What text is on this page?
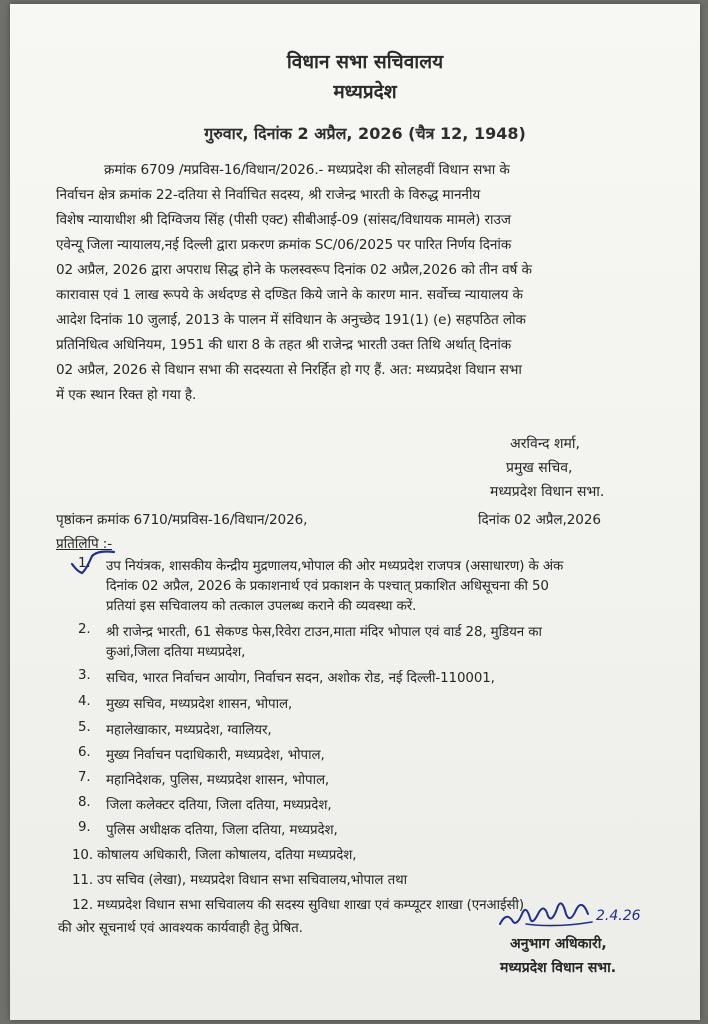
विधान सभा सचिवालय
मध्यप्रदेश
गुरुवार, दिनांक 2 अप्रैल, 2026 (चैत्र 12, 1948)
क्रमांक 6709 /मप्रविस-16/विधान/2026.- मध्यप्रदेश की सोलहवीं विधान सभा के
निर्वाचन क्षेत्र क्रमांक 22-दतिया से निर्वाचित सदस्य, श्री राजेन्द्र भारती के विरुद्ध माननीय
विशेष न्यायाधीश श्री दिग्विजय सिंह (पीसी एक्ट) सीबीआई-09 (सांसद/विधायक मामले) राउज
एवेन्यू जिला न्यायालय,नई दिल्ली द्वारा प्रकरण क्रमांक SC/06/2025 पर पारित निर्णय दिनांक
02 अप्रैल, 2026 द्वारा अपराध सिद्ध होने के फलस्वरूप दिनांक 02 अप्रैल,2026 को तीन वर्ष के
कारावास एवं 1 लाख रूपये के अर्थदण्ड से दण्डित किये जाने के कारण मान. सर्वोच्च न्यायालय के
आदेश दिनांक 10 जुलाई, 2013 के पालन में संविधान के अनुच्छेद 191(1) (e) सहपठित लोक
प्रतिनिधित्व अधिनियम, 1951 की धारा 8 के तहत श्री राजेन्द्र भारती उक्त तिथि अर्थात् दिनांक
02 अप्रैल, 2026 से विधान सभा की सदस्यता से निरर्हित हो गए हैं. अत: मध्यप्रदेश विधान सभा
में एक स्थान रिक्त हो गया है.
अरविन्द शर्मा,
प्रमुख सचिव,
मध्यप्रदेश विधान सभा.
पृष्ठांकन क्रमांक 6710/मप्रविस-16/विधान/2026,	दिनांक 02 अप्रैल,2026
प्रतिलिपि :-
1. उप नियंत्रक, शासकीय केन्द्रीय मुद्रणालय,भोपाल की ओर मध्यप्रदेश राजपत्र (असाधारण) के अंक
दिनांक 02 अप्रैल, 2026 के प्रकाशनार्थ एवं प्रकाशन के पश्चात् प्रकाशित अधिसूचना की 50
प्रतियां इस सचिवालय को तत्काल उपलब्ध कराने की व्यवस्था करें.
2. श्री राजेन्द्र भारती, 61 सेकण्ड फेस,रिवेरा टाउन,माता मंदिर भोपाल एवं वार्ड 28, मुडियन का
कुआं,जिला दतिया मध्यप्रदेश,
3. सचिव, भारत निर्वाचन आयोग, निर्वाचन सदन, अशोक रोड, नई दिल्ली-110001,
4. मुख्य सचिव, मध्यप्रदेश शासन, भोपाल,
5. महालेखाकार, मध्यप्रदेश, ग्वालियर,
6. मुख्य निर्वाचन पदाधिकारी, मध्यप्रदेश, भोपाल,
7. महानिदेशक, पुलिस, मध्यप्रदेश शासन, भोपाल,
8. जिला कलेक्टर दतिया, जिला दतिया, मध्यप्रदेश,
9. पुलिस अधीक्षक दतिया, जिला दतिया, मध्यप्रदेश,
10. कोषालय अधिकारी, जिला कोषालय, दतिया मध्यप्रदेश,
11. उप सचिव (लेखा), मध्यप्रदेश विधान सभा सचिवालय,भोपाल तथा
12. मध्यप्रदेश विधान सभा सचिवालय की सदस्य सुविधा शाखा एवं कम्प्यूटर शाखा (एनआईसी)
की ओर सूचनार्थ एवं आवश्यक कार्यवाही हेतु प्रेषित.
2.4.26
अनुभाग अधिकारी,
मध्यप्रदेश विधान सभा.
